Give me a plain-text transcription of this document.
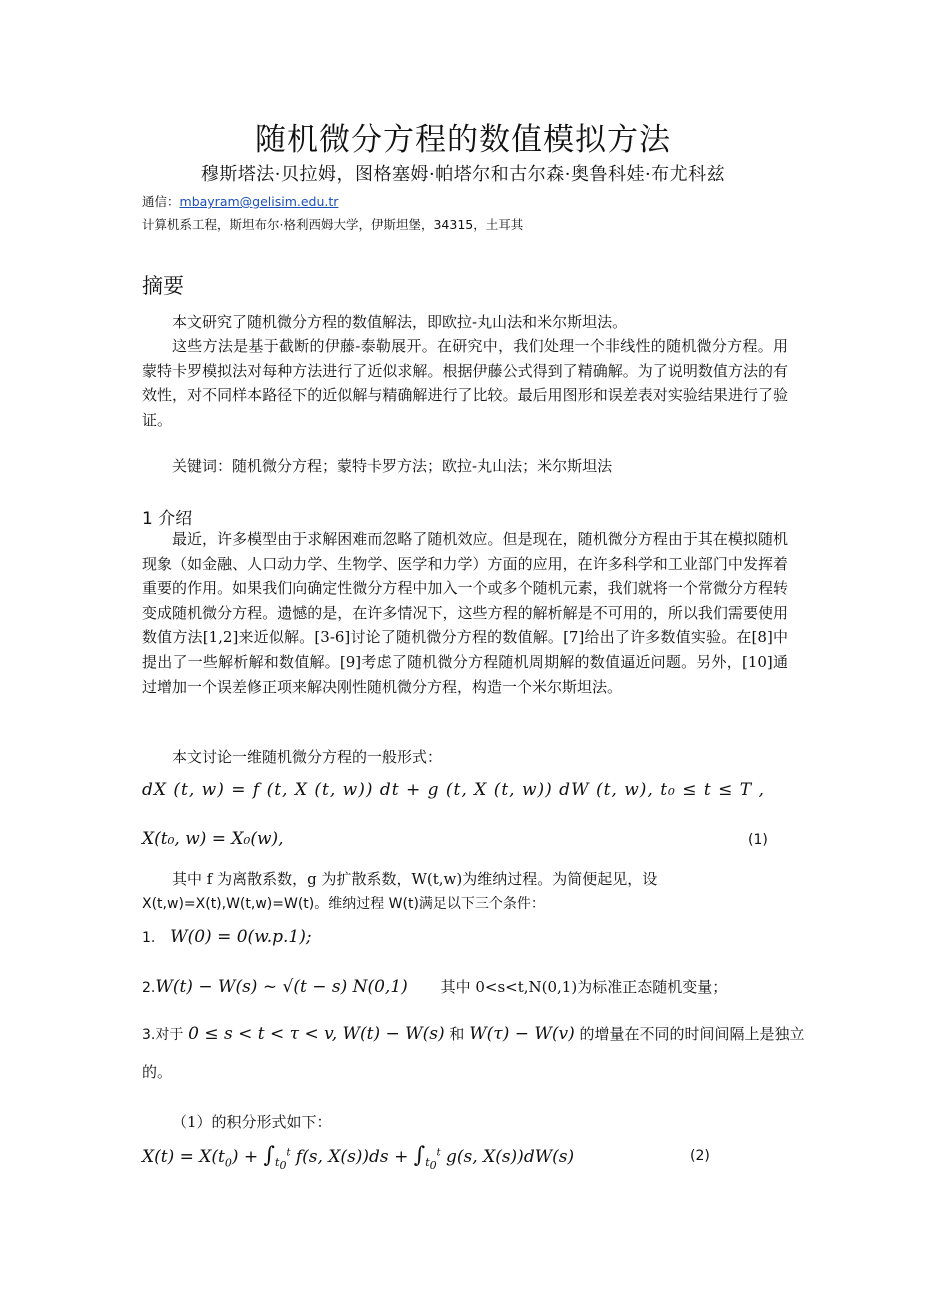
随机微分方程的数值模拟方法
穆斯塔法·贝拉姆，图格塞姆·帕塔尔和古尔森·奥鲁科娃·布尤科兹
通信：mbayram@gelisim.edu.tr
计算机系工程，斯坦布尔·格利西姆大学，伊斯坦堡，34315，土耳其
摘要
本文研究了随机微分方程的数值解法，即欧拉-丸山法和米尔斯坦法。
这些方法是基于截断的伊藤-泰勒展开。在研究中，我们处理一个非线性的随机微分方程。用蒙特卡罗模拟法对每种方法进行了近似求解。根据伊藤公式得到了精确解。为了说明数值方法的有效性，对不同样本路径下的近似解与精确解进行了比较。最后用图形和误差表对实验结果进行了验证。
关键词：随机微分方程；蒙特卡罗方法；欧拉-丸山法；米尔斯坦法
1 介绍
最近，许多模型由于求解困难而忽略了随机效应。但是现在，随机微分方程由于其在模拟随机现象（如金融、人口动力学、生物学、医学和力学）方面的应用，在许多科学和工业部门中发挥着重要的作用。如果我们向确定性微分方程中加入一个或多个随机元素，我们就将一个常微分方程转变成随机微分方程。遗憾的是，在许多情况下，这些方程的解析解是不可用的，所以我们需要使用数值方法[1,2]来近似解。[3-6]讨论了随机微分方程的数值解。[7]给出了许多数值实验。在[8]中提出了一些解析解和数值解。[9]考虑了随机微分方程随机周期解的数值逼近问题。另外，[10]通过增加一个误差修正项来解决刚性随机微分方程，构造一个米尔斯坦法。
本文讨论一维随机微分方程的一般形式：
dX (t, w) = f (t, X (t, w)) dt + g (t, X (t, w)) dW (t, w), t₀ ≤ t ≤ T ,
X(t₀, w) = X₀(w),	(1)
其中 f 为离散系数，g 为扩散系数，W(t,w)为维纳过程。为简便起见，设
X(t,w)=X(t),W(t,w)=W(t)。维纳过程 W(t)满足以下三个条件：
1. W(0) = 0(w.p.1);
2.W(t) − W(s) ~ √(t − s) N(0,1) 其中 0<s<t,N(0,1)为标准正态随机变量；
3.对于 0 ≤ s < t < τ < v, W(t) − W(s) 和 W(τ) − W(v) 的增量在不同的时间间隔上是独立
的。
（1）的积分形式如下：
$X(t) = X(t_0) + \int_{t_0}^t$ f(s, $X(s))ds + \int_{t_0}^t$ g(s, X(s))dW(s)	(2)
